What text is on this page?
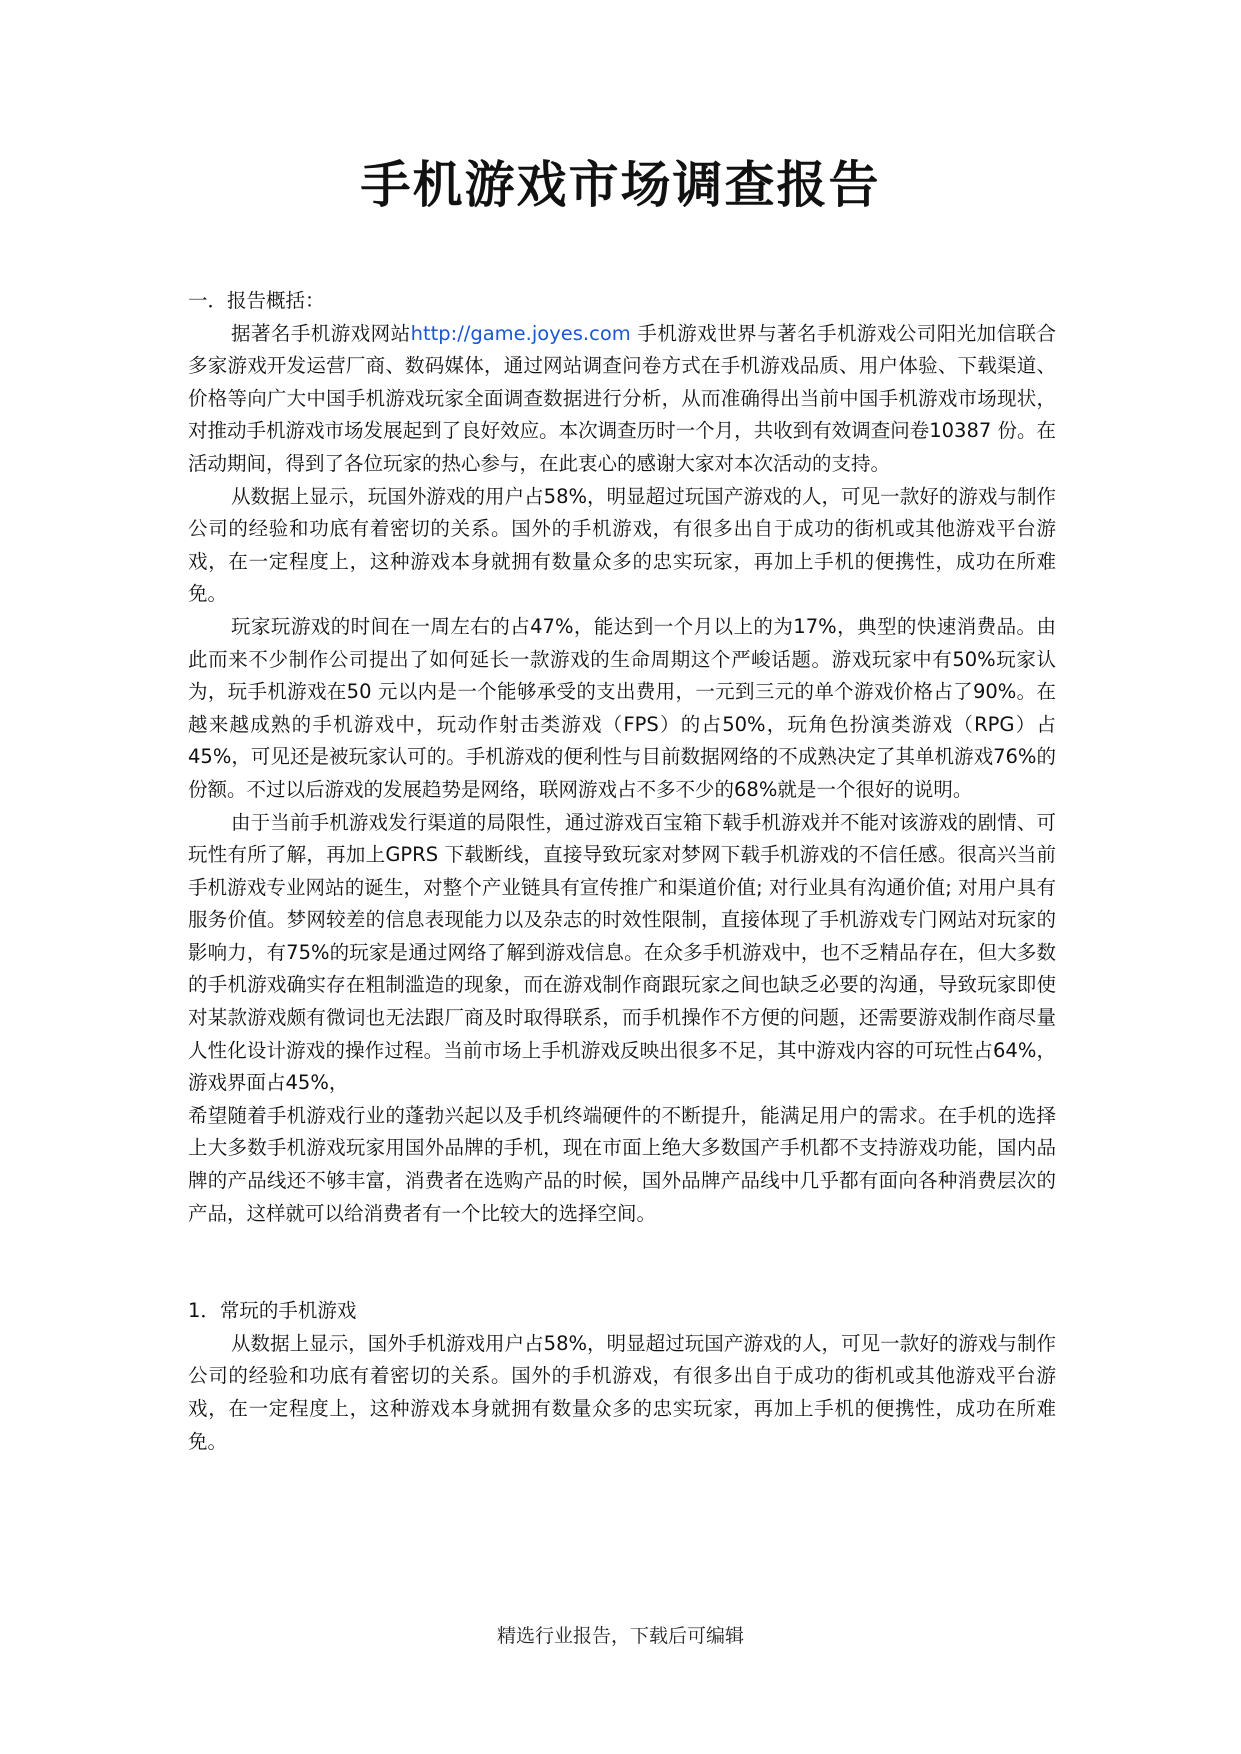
手机游戏市场调查报告

一．报告概括：

据著名手机游戏网站http://game.joyes.com 手机游戏世界与著名手机游戏公司阳光加信联合多家游戏开发运营厂商、数码媒体，通过网站调查问卷方式在手机游戏品质、用户体验、下载渠道、价格等向广大中国手机游戏玩家全面调查数据进行分析，从而准确得出当前中国手机游戏市场现状，对推动手机游戏市场发展起到了良好效应。本次调查历时一个月，共收到有效调查问卷10387 份。在活动期间，得到了各位玩家的热心参与，在此衷心的感谢大家对本次活动的支持。

从数据上显示，玩国外游戏的用户占58%，明显超过玩国产游戏的人，可见一款好的游戏与制作公司的经验和功底有着密切的关系。国外的手机游戏，有很多出自于成功的街机或其他游戏平台游戏，在一定程度上，这种游戏本身就拥有数量众多的忠实玩家，再加上手机的便携性，成功在所难免。

玩家玩游戏的时间在一周左右的占47%，能达到一个月以上的为17%，典型的快速消费品。由此而来不少制作公司提出了如何延长一款游戏的生命周期这个严峻话题。游戏玩家中有50%玩家认为，玩手机游戏在50 元以内是一个能够承受的支出费用，一元到三元的单个游戏价格占了90%。在越来越成熟的手机游戏中，玩动作射击类游戏（FPS）的占50%，玩角色扮演类游戏（RPG）占45%，可见还是被玩家认可的。手机游戏的便利性与目前数据网络的不成熟决定了其单机游戏76%的份额。不过以后游戏的发展趋势是网络，联网游戏占不多不少的68%就是一个很好的说明。

由于当前手机游戏发行渠道的局限性，通过游戏百宝箱下载手机游戏并不能对该游戏的剧情、可玩性有所了解，再加上GPRS 下载断线，直接导致玩家对梦网下载手机游戏的不信任感。很高兴当前手机游戏专业网站的诞生，对整个产业链具有宣传推广和渠道价值; 对行业具有沟通价值; 对用户具有服务价值。梦网较差的信息表现能力以及杂志的时效性限制，直接体现了手机游戏专门网站对玩家的影响力，有75%的玩家是通过网络了解到游戏信息。在众多手机游戏中，也不乏精品存在，但大多数的手机游戏确实存在粗制滥造的现象，而在游戏制作商跟玩家之间也缺乏必要的沟通，导致玩家即使对某款游戏颇有微词也无法跟厂商及时取得联系，而手机操作不方便的问题，还需要游戏制作商尽量人性化设计游戏的操作过程。当前市场上手机游戏反映出很多不足，其中游戏内容的可玩性占64%，游戏界面占45%，

希望随着手机游戏行业的蓬勃兴起以及手机终端硬件的不断提升，能满足用户的需求。在手机的选择上大多数手机游戏玩家用国外品牌的手机，现在市面上绝大多数国产手机都不支持游戏功能，国内品牌的产品线还不够丰富，消费者在选购产品的时候，国外品牌产品线中几乎都有面向各种消费层次的产品，这样就可以给消费者有一个比较大的选择空间。

1．常玩的手机游戏

从数据上显示，国外手机游戏用户占58%，明显超过玩国产游戏的人，可见一款好的游戏与制作公司的经验和功底有着密切的关系。国外的手机游戏，有很多出自于成功的街机或其他游戏平台游戏，在一定程度上，这种游戏本身就拥有数量众多的忠实玩家，再加上手机的便携性，成功在所难免。

精选行业报告，下载后可编辑
